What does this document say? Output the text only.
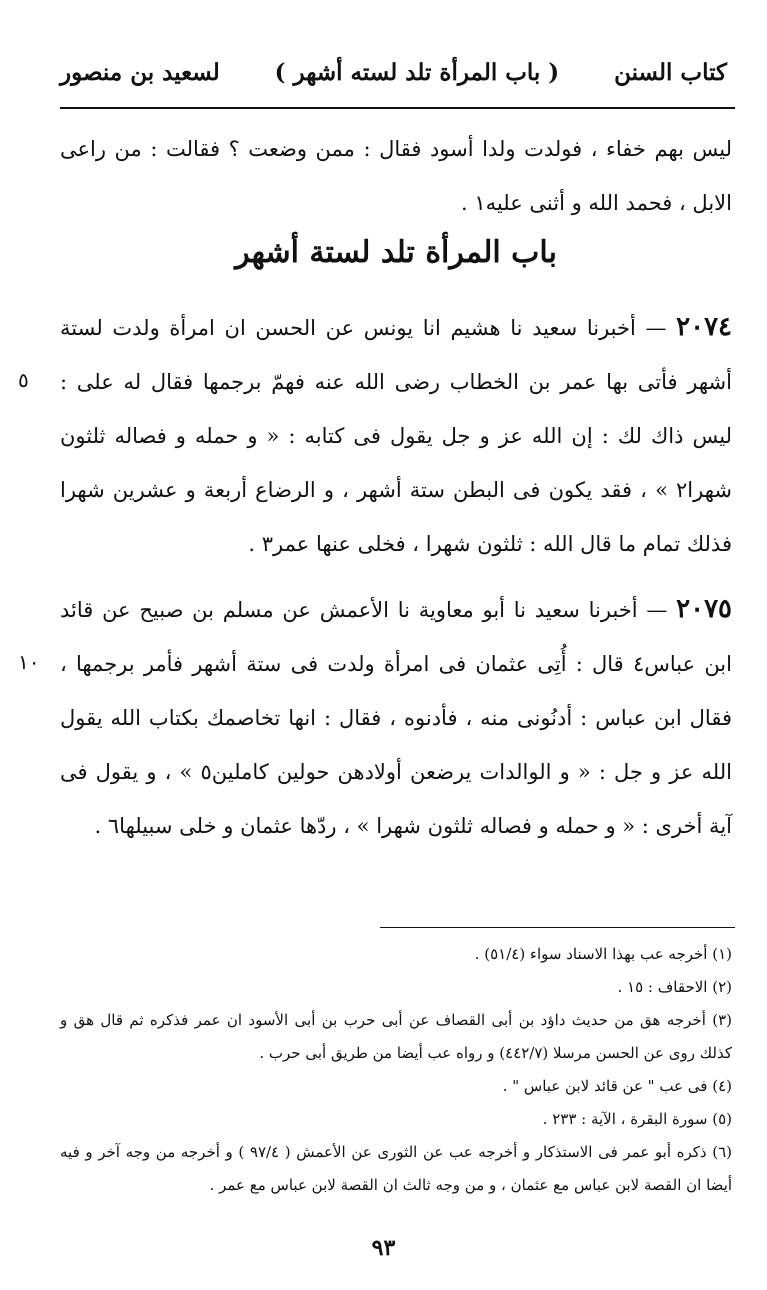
كتاب السنن
( باب المرأة تلد لسته أشهر )
لسعيد بن منصور

ليس بهم خفاء ، فولدت ولدا أسود فقال : ممن وضعت ؟ فقالت : من راعى الابل ، فحمد الله و أثنى عليه١ .

باب المرأة تلد لستة أشهر

٢٠٧٤ — أخبرنا سعيد نا هشيم انا يونس عن الحسن ان امرأة ولدت لستة أشهر فأتى بها عمر بن الخطاب رضى الله عنه فهمّ برجمها فقال له على : ليس ذاك لك : إن الله عز و جل يقول فى كتابه : « و حمله و فصاله ثلثون شهرا٢ » ، فقد يكون فى البطن ستة أشهر ، و الرضاع أربعة و عشرين شهرا فذلك تمام ما قال الله : ثلثون شهرا ، فخلى عنها عمر٣ .

٢٠٧٥ — أخبرنا سعيد نا أبو معاوية نا الأعمش عن مسلم بن صبيح عن قائد ابن عباس٤ قال : أُتِى عثمان فى امرأة ولدت فى ستة أشهر فأمر برجمها ، فقال ابن عباس : أدنُونى منه ، فأدنوه ، فقال : انها تخاصمك بكتاب الله يقول الله عز و جل : « و الوالدات يرضعن أولادهن حولين كاملين٥ » ، و يقول فى آية أخرى : « و حمله و فصاله ثلثون شهرا » ، ردّها عثمان و خلى سبيلها٦ .

٥
١٠

(١) أخرجه عب بهذا الاسناد سواء (٥١/٤) .

(٢) الاحقاف : ١٥ .

(٣) أخرجه هق من حديث داؤد بن أبى القصاف عن أبى حرب بن أبى الأسود ان عمر فذكره ثم قال هق و كذلك روى عن الحسن مرسلا (٤٤٢/٧) و رواه عب أيضا من طريق أبى حرب .

(٤) فى عب " عن قائد لابن عباس " .

(٥) سورة البقرة ، الآية : ٢٣٣ .

(٦) ذكره أبو عمر فى الاستذكار و أخرجه عب عن الثورى عن الأعمش ( ٩٧/٤ ) و أخرجه من وجه آخر و فيه أيضا ان القصة لابن عباس مع عثمان ، و من وجه ثالث ان القصة لابن عباس مع عمر .

٩٣
